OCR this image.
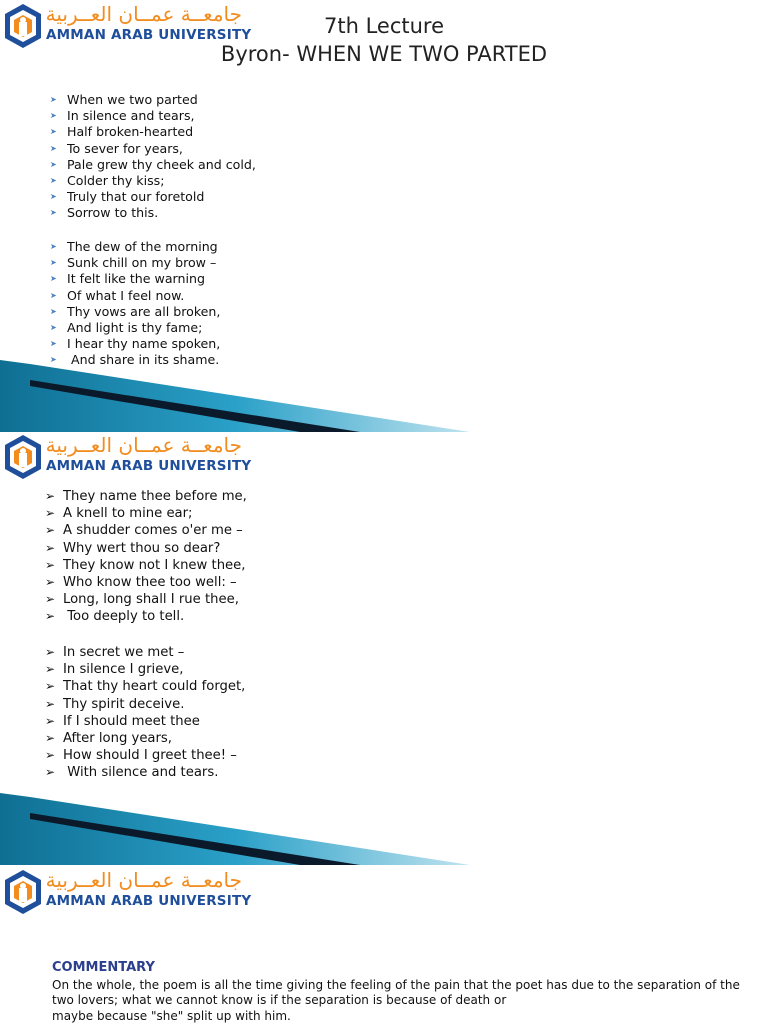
جامعــة عمــان العــربية
AMMAN ARAB UNIVERSITY	7th Lecture
Byron- WHEN WE TWO PARTED
➤ When we two parted
➤ In silence and tears,
➤ Half broken-hearted
➤ To sever for years,
➤ Pale grew thy cheek and cold,
➤ Colder thy kiss;
➤ Truly that our foretold
➤ Sorrow to this.
➤ The dew of the morning
➤ Sunk chill on my brow –
➤ It felt like the warning
➤ Of what I feel now.
➤ Thy vows are all broken,
➤ And light is thy fame;
➤ I hear thy name spoken,
➤ And share in its shame.
جامعــة عمــان العــربية
AMMAN ARAB UNIVERSITY
➢ They name thee before me,
➢ A knell to mine ear;
➢ A shudder comes o'er me –
➢ Why wert thou so dear?
➢ They know not I knew thee,
➢ Who know thee too well: –
➢ Long, long shall I rue thee,
➢ Too deeply to tell.
➢ In secret we met –
➢ In silence I grieve,
➢ That thy heart could forget,
➢ Thy spirit deceive.
➢ If I should meet thee
➢ After long years,
➢ How should I greet thee! –
➢ With silence and tears.
جامعــة عمــان العــربية
AMMAN ARAB UNIVERSITY
COMMENTARY

On the whole, the poem is all the time giving the feeling of the pain that the poet has due to the separation of the two lovers; what we cannot know is if the separation is because of death or

maybe because "she" split up with him.
